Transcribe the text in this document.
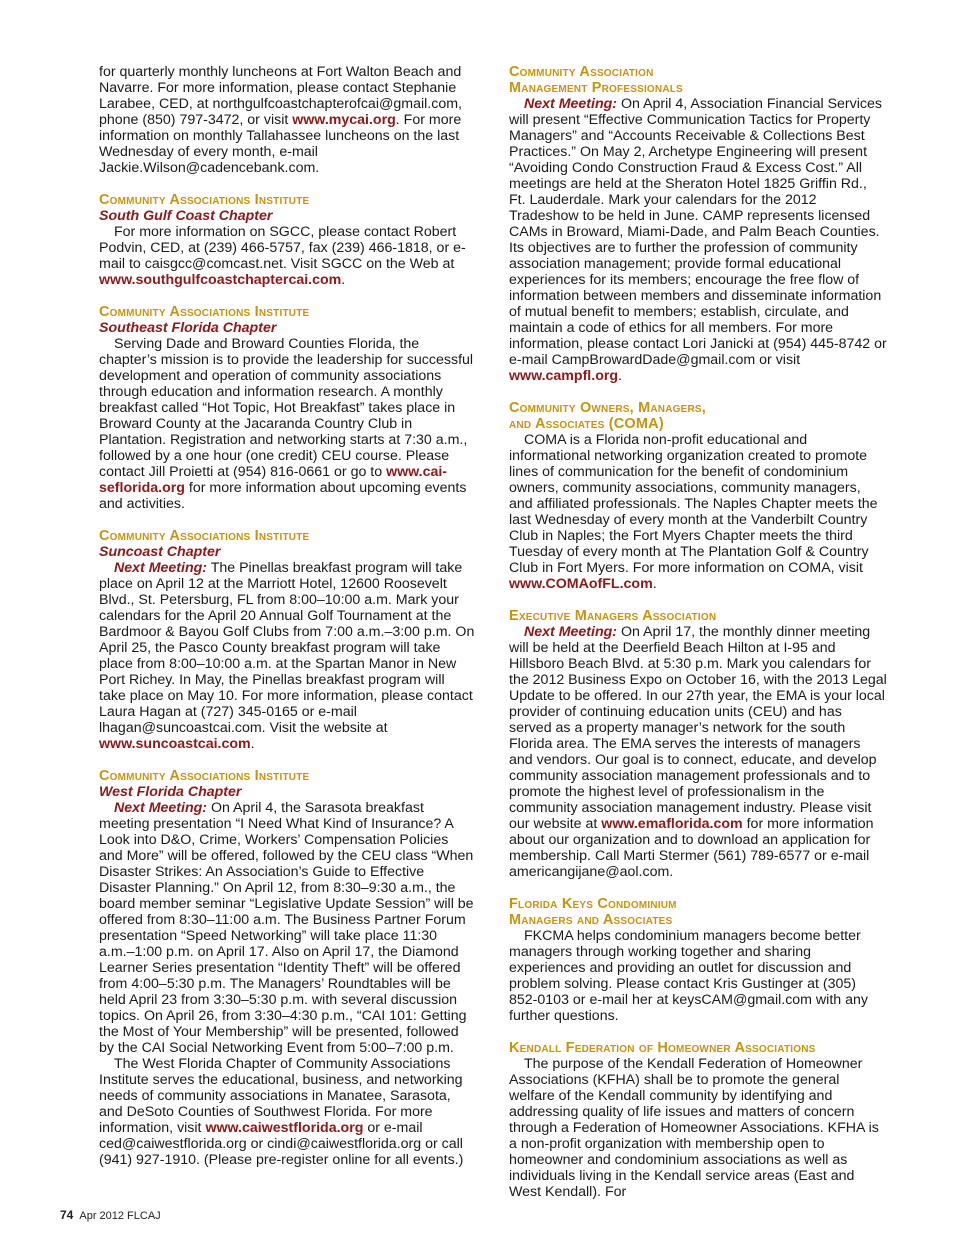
for quarterly monthly luncheons at Fort Walton Beach and Navarre. For more information, please contact Stephanie Larabee, CED, at northgulfcoastchapterofcai@gmail.com, phone (850) 797-3472, or visit www.mycai.org. For more information on monthly Tallahassee luncheons on the last Wednesday of every month, e-mail Jackie.Wilson@cadencebank.com.

Community Associations Institute
South Gulf Coast Chapter

For more information on SGCC, please contact Robert Podvin, CED, at (239) 466-5757, fax (239) 466-1818, or e-mail to caisgcc@comcast.net. Visit SGCC on the Web at www.southgulfcoastchaptercai.com.

Community Associations Institute
Southeast Florida Chapter

Serving Dade and Broward Counties Florida, the chapter’s mission is to provide the leadership for successful development and operation of community associations through education and information research. A monthly breakfast called “Hot Topic, Hot Breakfast” takes place in Broward County at the Jacaranda Country Club in Plantation. Registration and networking starts at 7:30 a.m., followed by a one hour (one credit) CEU course. Please contact Jill Proietti at (954) 816-0661 or go to www.cai-seflorida.org for more information about upcoming events and activities.

Community Associations Institute
Suncoast Chapter

Next Meeting: The Pinellas breakfast program will take place on April 12 at the Marriott Hotel, 12600 Roosevelt Blvd., St. Petersburg, FL from 8:00–10:00 a.m. Mark your calendars for the April 20 Annual Golf Tournament at the Bardmoor & Bayou Golf Clubs from 7:00 a.m.–3:00 p.m. On April 25, the Pasco County breakfast program will take place from 8:00–10:00 a.m. at the Spartan Manor in New Port Richey. In May, the Pinellas breakfast program will take place on May 10. For more information, please contact Laura Hagan at (727) 345-0165 or e-mail lhagan@suncoastcai.com. Visit the website at www.suncoastcai.com.

Community Associations Institute
West Florida Chapter

Next Meeting: On April 4, the Sarasota breakfast meeting presentation “I Need What Kind of Insurance? A Look into D&O, Crime, Workers’ Compensation Policies and More” will be offered, followed by the CEU class “When Disaster Strikes: An Association’s Guide to Effective Disaster Planning.” On April 12, from 8:30–9:30 a.m., the board member seminar “Legislative Update Session” will be offered from 8:30–11:00 a.m. The Business Partner Forum presentation “Speed Networking” will take place 11:30 a.m.–1:00 p.m. on April 17. Also on April 17, the Diamond Learner Series presentation “Identity Theft” will be offered from 4:00–5:30 p.m. The Managers’ Roundtables will be held April 23 from 3:30–5:30 p.m. with several discussion topics. On April 26, from 3:30–4:30 p.m., “CAI 101: Getting the Most of Your Membership” will be presented, followed by the CAI Social Networking Event from 5:00–7:00 p.m.

The West Florida Chapter of Community Associations Institute serves the educational, business, and networking needs of community associations in Manatee, Sarasota, and DeSoto Counties of Southwest Florida. For more information, visit www.caiwestflorida.org or e-mail ced@caiwestflorida.org or cindi@caiwestflorida.org or call (941) 927-1910. (Please pre-register online for all events.)

Community Association
Management Professionals

Next Meeting: On April 4, Association Financial Services will present “Effective Communication Tactics for Property Managers” and “Accounts Receivable & Collections Best Practices.” On May 2, Archetype Engineering will present “Avoiding Condo Construction Fraud & Excess Cost.” All meetings are held at the Sheraton Hotel 1825 Griffin Rd., Ft. Lauderdale. Mark your calendars for the 2012 Tradeshow to be held in June. CAMP represents licensed CAMs in Broward, Miami-Dade, and Palm Beach Counties. Its objectives are to further the profession of community association management; provide formal educational experiences for its members; encourage the free flow of information between members and disseminate information of mutual benefit to members; establish, circulate, and maintain a code of ethics for all members. For more information, please contact Lori Janicki at (954) 445-8742 or e-mail CampBrowardDade@gmail.com or visit www.campfl.org.

Community Owners, Managers,
and Associates (COMA)

COMA is a Florida non-profit educational and informational networking organization created to promote lines of communication for the benefit of condominium owners, community associations, community managers, and affiliated professionals. The Naples Chapter meets the last Wednesday of every month at the Vanderbilt Country Club in Naples; the Fort Myers Chapter meets the third Tuesday of every month at The Plantation Golf & Country Club in Fort Myers. For more information on COMA, visit www.COMAofFL.com.

Executive Managers Association

Next Meeting: On April 17, the monthly dinner meeting will be held at the Deerfield Beach Hilton at I-95 and Hillsboro Beach Blvd. at 5:30 p.m. Mark you calendars for the 2012 Business Expo on October 16, with the 2013 Legal Update to be offered. In our 27th year, the EMA is your local provider of continuing education units (CEU) and has served as a property manager’s network for the south Florida area. The EMA serves the interests of managers and vendors. Our goal is to connect, educate, and develop community association management professionals and to promote the highest level of professionalism in the community association management industry. Please visit our website at www.emaflorida.com for more information about our organization and to download an application for membership. Call Marti Stermer (561) 789-6577 or e-mail americangijane@aol.com.

Florida Keys Condominium
Managers and Associates

FKCMA helps condominium managers become better managers through working together and sharing experiences and providing an outlet for discussion and problem solving. Please contact Kris Gustinger at (305) 852-0103 or e-mail her at keysCAM@gmail.com with any further questions.

Kendall Federation of Homeowner Associations

The purpose of the Kendall Federation of Homeowner Associations (KFHA) shall be to promote the general welfare of the Kendall community by identifying and addressing quality of life issues and matters of concern through a Federation of Homeowner Associations. KFHA is a non-profit organization with membership open to homeowner and condominium associations as well as individuals living in the Kendall service areas (East and West Kendall). For

74 Apr 2012 FLCAJ
